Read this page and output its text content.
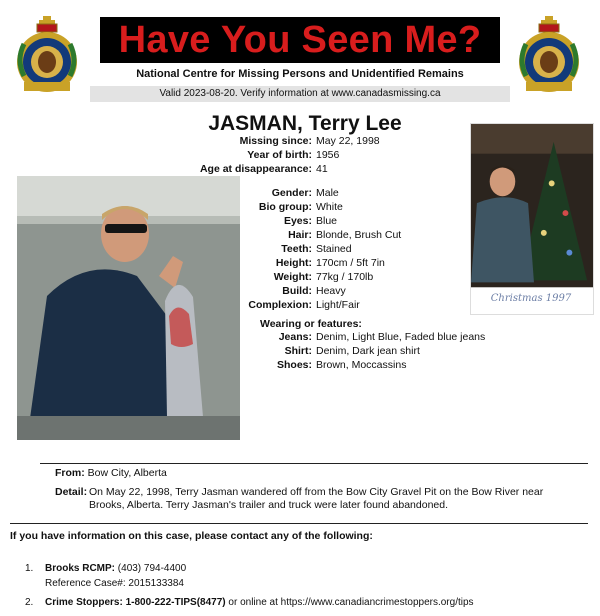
Have You Seen Me?
National Centre for Missing Persons and Unidentified Remains
Valid 2023-08-20. Verify information at www.canadasmissing.ca
JASMAN, Terry Lee
Missing since: May 22, 1998
Year of birth: 1956
Age at disappearance: 41
Gender: Male
Bio group: White
Eyes: Blue
Hair: Blonde, Brush Cut
Teeth: Stained
Height: 170cm / 5ft 7in
Weight: 77kg / 170lb
Build: Heavy
Complexion: Light/Fair
Jeans: Denim, Light Blue, Faded blue jeans
Shirt: Denim, Dark jean shirt
Shoes: Brown, Moccassins
Wearing or features:
Christmas 1997
From: Bow City, Alberta
Detail: On May 22, 1998, Terry Jasman wandered off from the Bow City Gravel Pit on the Bow River near Brooks, Alberta. Terry Jasman's trailer and truck were later found abandoned.
If you have information on this case, please contact any of the following:
1. Brooks RCMP: (403) 794-4400
Reference Case#: 2015133384
2. Crime Stoppers: 1-800-222-TIPS(8477) or online at https://www.canadiancrimestoppers.org/tips
